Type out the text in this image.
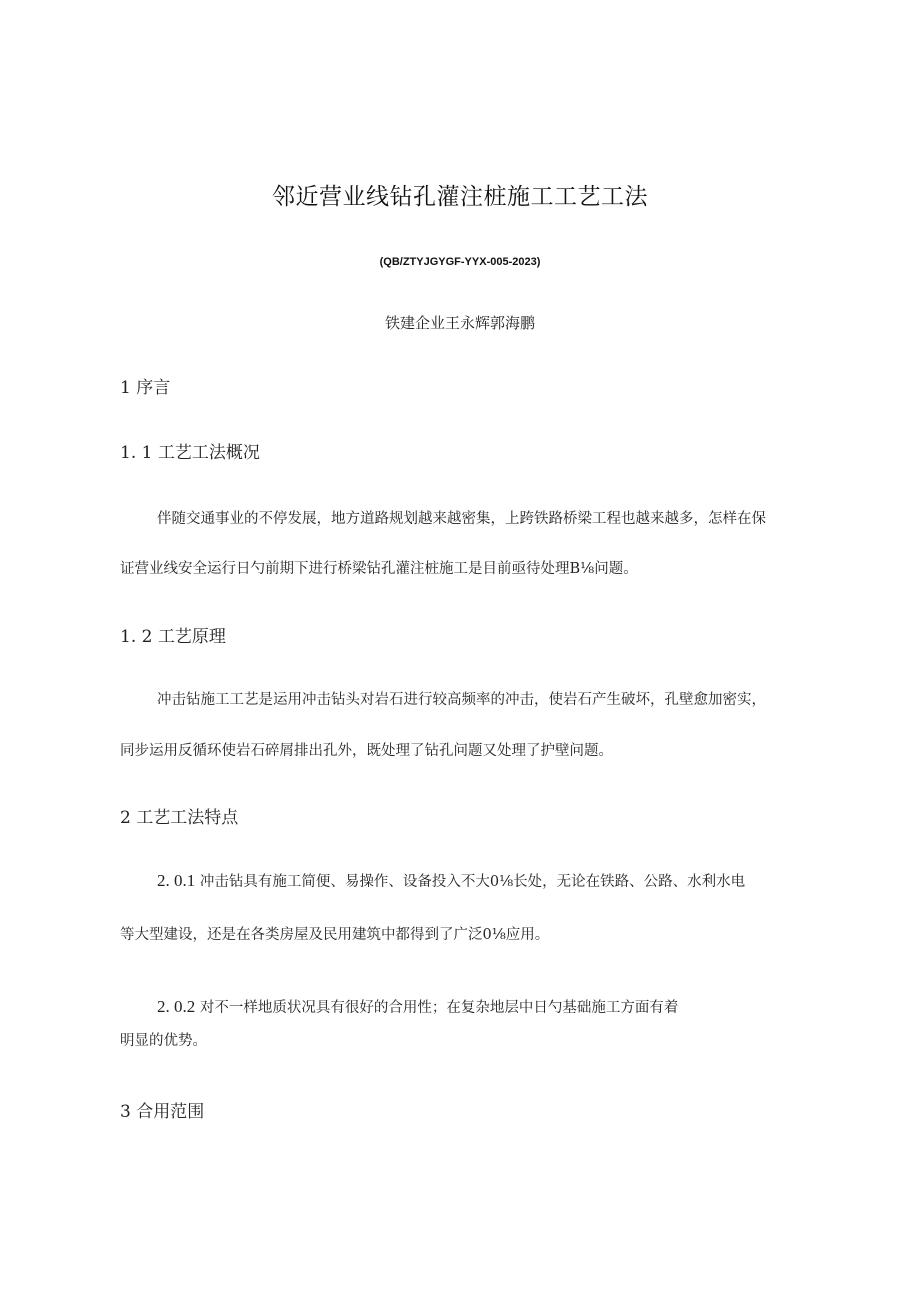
邻近营业线钻孔灌注桩施工工艺工法
(QB/ZTYJGYGF-YYX-005-2023)
铁建企业王永辉郭海鹏
1 序言
1. 1 工艺工法概况
伴随交通事业的不停发展，地方道路规划越来越密集，上跨铁路桥梁工程也越来越多，怎样在保
证营业线安全运行日勺前期下进行桥梁钻孔灌注桩施工是目前亟待处理B⅛问题。
1. 2 工艺原理
冲击钻施工工艺是运用冲击钻头对岩石进行较高频率的冲击，使岩石产生破坏，孔壁愈加密实，
同步运用反循环使岩石碎屑排出孔外，既处理了钻孔问题又处理了护壁问题。
2 工艺工法特点
2. 0.1 冲击钻具有施工简便、易操作、设备投入不大0⅛长处，无论在铁路、公路、水利水电
等大型建设，还是在各类房屋及民用建筑中都得到了广泛0⅛应用。
2. 0.2 对不一样地质状况具有很好的合用性；在复杂地层中日勺基础施工方面有着
明显的优势。
3 合用范围
